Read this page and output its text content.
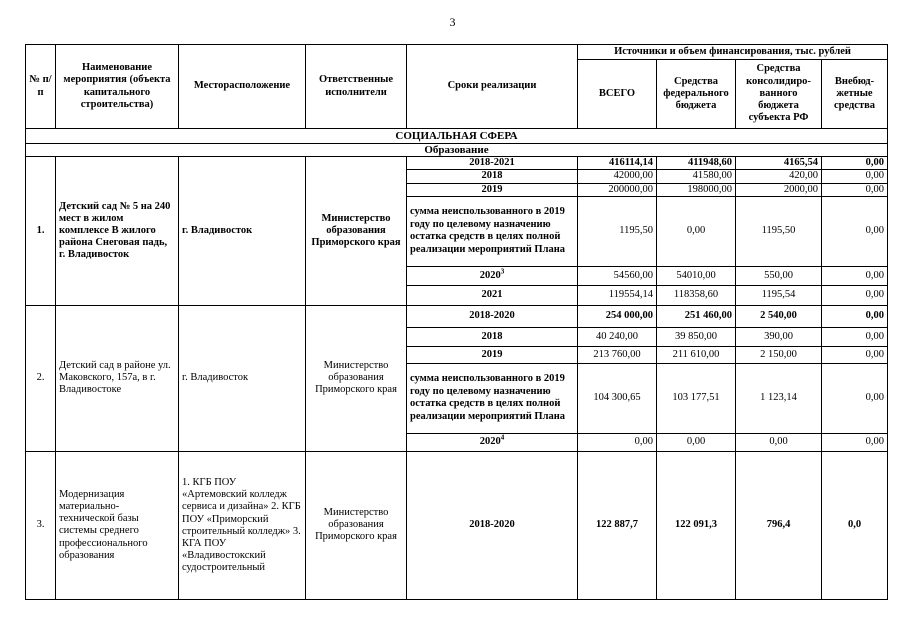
3
№ п/п	Наименование мероприятия (объекта капитального строительства)	Месторасположение	Ответственные исполнители	Сроки реализации	Источники и объем финансирования, тыс. рублей			
					ВСЕГО	Средства федерального бюджета	Средства консолидиро-ванного бюджета субъекта РФ	Внебюд-жетные средства
СОЦИАЛЬНАЯ СФЕРА								
Образование								
1.	Детский сад № 5 на 240 мест в жилом комплексе В жилого района Снеговая падь, г. Владивосток	г. Владивосток	Министерство образования Приморского края	2018-2021	416114,14	411948,60	4165,54	0,00
				2018	42000,00	41580,00	420,00	0,00
				2019	200000,00	198000,00	2000,00	0,00
				сумма неиспользованного в 2019 году по целевому назначению остатка средств в целях полной реализации мероприятий Плана	1195,50	0,00	1195,50	0,00
				2020$^3$	54560,00	54010,00	550,00	0,00
				2021	119554,14	118358,60	1195,54	0,00
2.	Детский сад в районе ул. Маковского, 157а, в г. Владивостоке	г. Владивосток	Министерство образования Приморского края	2018-2020	254 000,00	251 460,00	2 540,00	0,00
				2018	40 240,00	39 850,00	390,00	0,00
				2019	213 760,00	211 610,00	2 150,00	0,00
				сумма неиспользованного в 2019 году по целевому назначению остатка средств в целях полной реализации мероприятий Плана	104 300,65	103 177,51	1 123,14	0,00
				2020$^4$	0,00	0,00	0,00	0,00
3.	Модернизация материально-технической базы системы среднего профессионального образования	1. КГБ ПОУ «Артемовский колледж сервиса и дизайна» 2. КГБ ПОУ «Приморский строительный колледж» 3. КГА ПОУ «Владивостокский судостроительный	Министерство образования Приморского края	2018-2020	122 887,7	122 091,3	796,4	0,0
